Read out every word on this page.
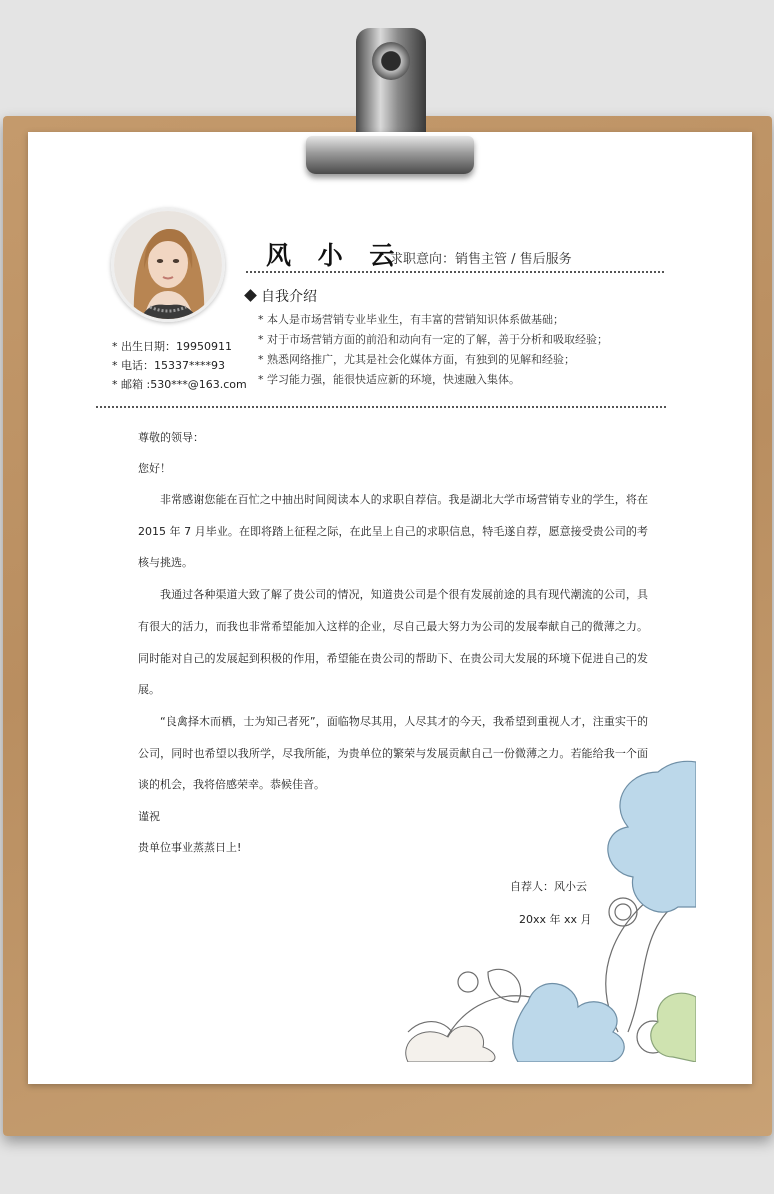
风 小 云
求职意向：销售主管 / 售后服务
自我介绍
* 本人是市场营销专业毕业生，有丰富的营销知识体系做基础；
* 对于市场营销方面的前沿和动向有一定的了解，善于分析和吸取经验；
* 熟悉网络推广，尤其是社会化媒体方面，有独到的见解和经验；
* 学习能力强，能很快适应新的环境，快速融入集体。
* 出生日期：19950911
* 电话：15337****93
* 邮箱 :530***@163.com
尊敬的领导：
您好！
非常感谢您能在百忙之中抽出时间阅读本人的求职自荐信。我是湖北大学市场营销专业的学生，将在 2015 年 7 月毕业。在即将踏上征程之际，在此呈上自己的求职信息，特毛遂自荐，愿意接受贵公司的考核与挑选。
我通过各种渠道大致了解了贵公司的情况，知道贵公司是个很有发展前途的具有现代潮流的公司，具有很大的活力，而我也非常希望能加入这样的企业，尽自己最大努力为公司的发展奉献自己的微薄之力。同时能对自己的发展起到积极的作用，希望能在贵公司的帮助下、在贵公司大发展的环境下促进自己的发展。
“良禽择木而栖，士为知己者死”，面临物尽其用，人尽其才的今天，我希望到重视人才，注重实干的公司，同时也希望以我所学，尽我所能，为贵单位的繁荣与发展贡献自己一份微薄之力。若能给我一个面谈的机会，我将倍感荣幸。恭候佳音。
谨祝
贵单位事业蒸蒸日上!
自荐人：风小云
20xx 年 xx 月
